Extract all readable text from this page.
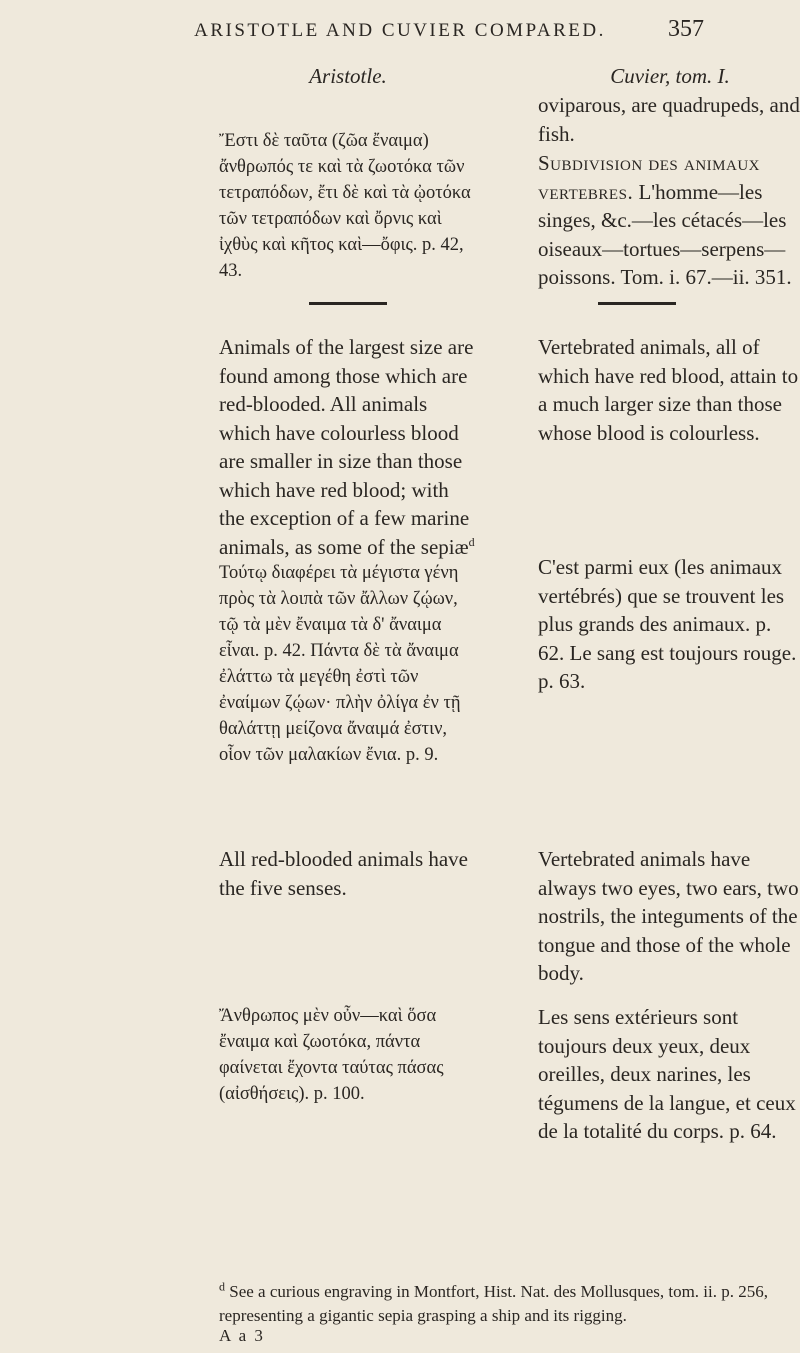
ARISTOTLE AND CUVIER COMPARED.	357

Aristotle.

Ἔστι δὲ ταῦτα (ζῶα ἔναιμα) ἄνθρωπός τε καὶ τὰ ζωοτόκα τῶν τετραπόδων, ἔτι δὲ καὶ τὰ ᾠοτόκα τῶν τετραπόδων καὶ ὄρνις καὶ ἰχθὺς καὶ κῆτος καὶ—ὄφις. p. 42, 43.

Animals of the largest size are found among those which are red-blooded. All animals which have colourless blood are smaller in size than those which have red blood; with the exception of a few marine animals, as some of the sepiæ$^d$

Τούτῳ διαφέρει τὰ μέγιστα γένη πρὸς τὰ λοιπὰ τῶν ἄλλων ζῴων, τῷ τὰ μὲν ἔναιμα τὰ δ' ἄναιμα εἶναι. p. 42. Πάντα δὲ τὰ ἄναιμα ἐλάττω τὰ μεγέθη ἐστὶ τῶν ἐναίμων ζῴων· πλὴν ὀλίγα ἐν τῇ θαλάττῃ μείζονα ἄναιμά ἐστιν, οἷον τῶν μαλακίων ἔνια. p. 9.

All red-blooded animals have the five senses.

Ἄνθρωπος μὲν οὖν—καὶ ὅσα ἔναιμα καὶ ζωοτόκα, πάντα φαίνεται ἔχοντα ταύτας πάσας (αἰσθήσεις). p. 100.

Cuvier, tom. I.

oviparous, are quadrupeds, and fish.

Subdivision des animaux vertebres. L'homme—les singes, &c.—les cétacés—les oiseaux—tortues—serpens—poissons. Tom. i. 67.—ii. 351.

Vertebrated animals, all of which have red blood, attain to a much larger size than those whose blood is colourless.

C'est parmi eux (les animaux vertébrés) que se trouvent les plus grands des animaux. p. 62. Le sang est toujours rouge. p. 63.

Vertebrated animals have always two eyes, two ears, two nostrils, the integuments of the tongue and those of the whole body.

Les sens extérieurs sont toujours deux yeux, deux oreilles, deux narines, les tégumens de la langue, et ceux de la totalité du corps. p. 64.

$^d$ See a curious engraving in Montfort, Hist. Nat. des Mollusques, tom. ii. p. 256, representing a gigantic sepia grasping a ship and its rigging.

A a 3
